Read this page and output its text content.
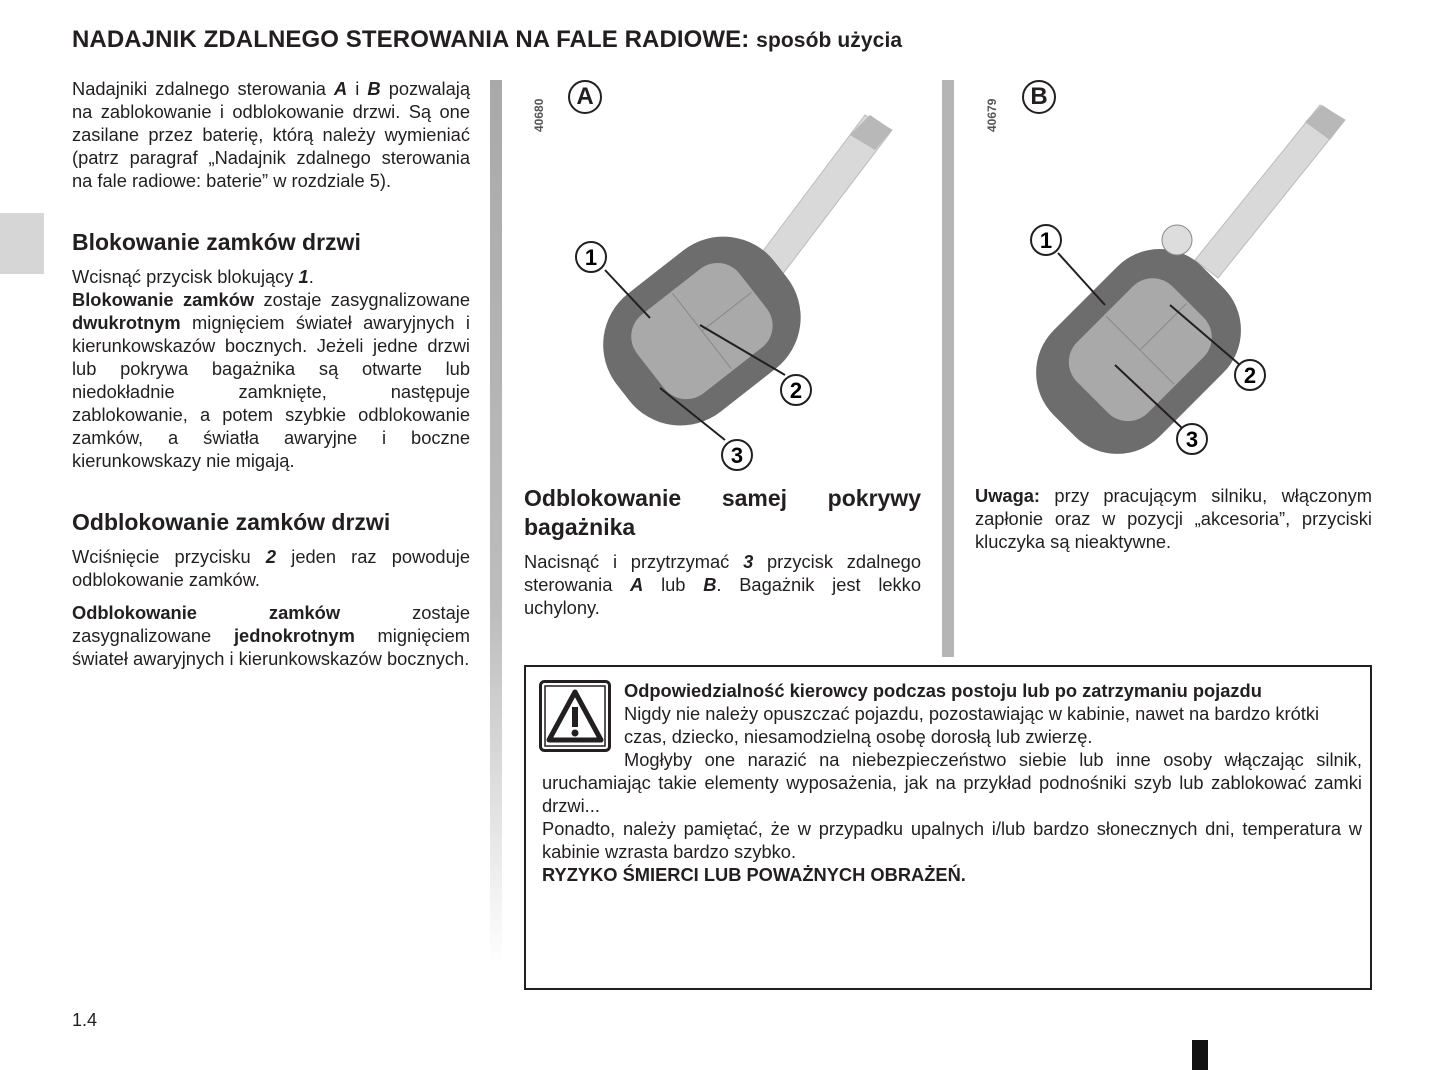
NADAJNIK ZDALNEGO STEROWANIA NA FALE RADIOWE: sposób użycia

Nadajniki zdalnego sterowania A i B pozwalają na zablokowanie i odblokowanie drzwi. Są one zasilane przez baterię, którą należy wymieniać (patrz paragraf „Nadajnik zdalnego sterowania na fale radiowe: baterie” w rozdziale 5).

Blokowanie zamków drzwi

Wcisnąć przycisk blokujący 1.

Blokowanie zamków zostaje zasygnalizowane dwukrotnym mignięciem świateł awaryjnych i kierunkowskazów bocznych. Jeżeli jedne drzwi lub pokrywa bagażnika są otwarte lub niedokładnie zamknięte, następuje zablokowanie, a potem szybkie odblokowanie zamków, a światła awaryjne i boczne kierunkowskazy nie migają.

Odblokowanie zamków drzwi

Wciśnięcie przycisku 2 jeden raz powoduje odblokowanie zamków.

Odblokowanie zamków zostaje zasygnalizowane jednokrotnym mignięciem świateł awaryjnych i kierunkowskazów bocznych.

40680
A
1
2
3
40679
B
1
2
3

Odblokowanie samej pokrywy bagażnika

Nacisnąć i przytrzymać 3 przycisk zdalnego sterowania A lub B. Bagażnik jest lekko uchylony.

Uwaga: przy pracującym silniku, włączonym zapłonie oraz w pozycji „akcesoria”, przyciski kluczyka są nieaktywne.

Odpowiedzialność kierowcy podczas postoju lub po zatrzymaniu pojazdu
Nigdy nie należy opuszczać pojazdu, pozostawiając w kabinie, nawet na bardzo krótki czas, dziecko, niesamodzielną osobę dorosłą lub zwierzę.
Mogłyby one narazić na niebezpieczeństwo siebie lub inne osoby włączając silnik, uruchamiając takie elementy wyposażenia, jak na przykład podnośniki szyb lub zablokować zamki drzwi...
Ponadto, należy pamiętać, że w przypadku upalnych i/lub bardzo słonecznych dni, temperatura w kabinie wzrasta bardzo szybko.
RYZYKO ŚMIERCI LUB POWAŻNYCH OBRAŻEŃ.
1.4
